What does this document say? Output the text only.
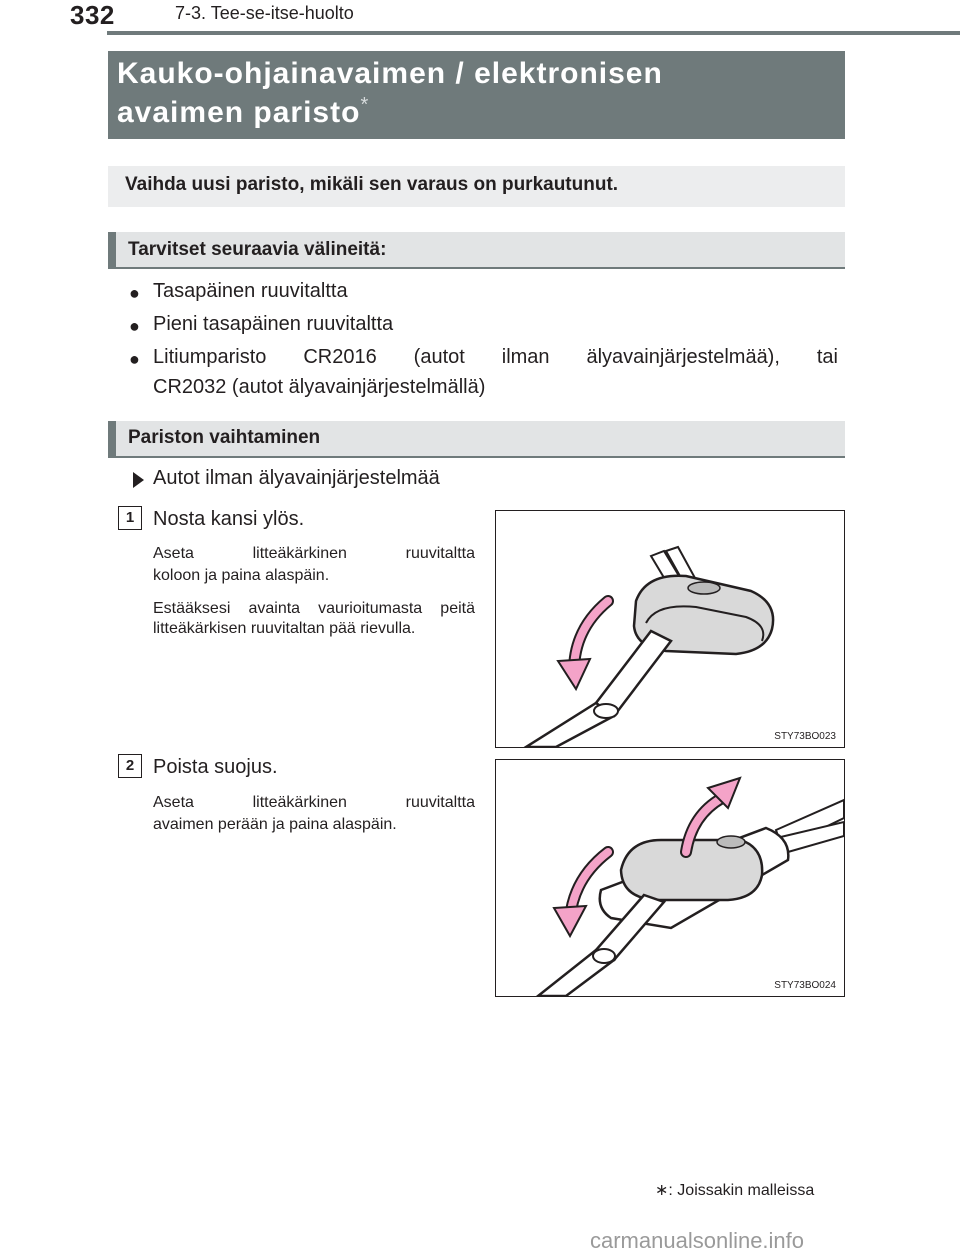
332	7-3. Tee-se-itse-huolto
Kauko-ohjainavaimen / elektronisen
avaimen paristo*
Vaihda uusi paristo, mikäli sen varaus on purkautunut.
Tarvitset seuraavia välineitä:
● Tasapäinen ruuvitaltta
● Pieni tasapäinen ruuvitaltta
● Litiumparisto CR2016 (autot ilman älyavainjärjestelmää), tai
CR2032 (autot älyavainjärjestelmällä)
Pariston vaihtaminen
Autot ilman älyavainjärjestelmää
1 Nosta kansi ylös.
Aseta	litteäkärkinen	ruuvitaltta
koloon ja paina alaspäin.
Estääksesi avainta vaurioitumasta peitä litteäkärkisen ruuvitaltan pää rievulla.
STY73BO023
2 Poista suojus.
Aseta	litteäkärkinen	ruuvitaltta
avaimen perään ja paina alaspäin.
STY73BO024
∗: Joissakin malleissa
carmanualsonline.info
